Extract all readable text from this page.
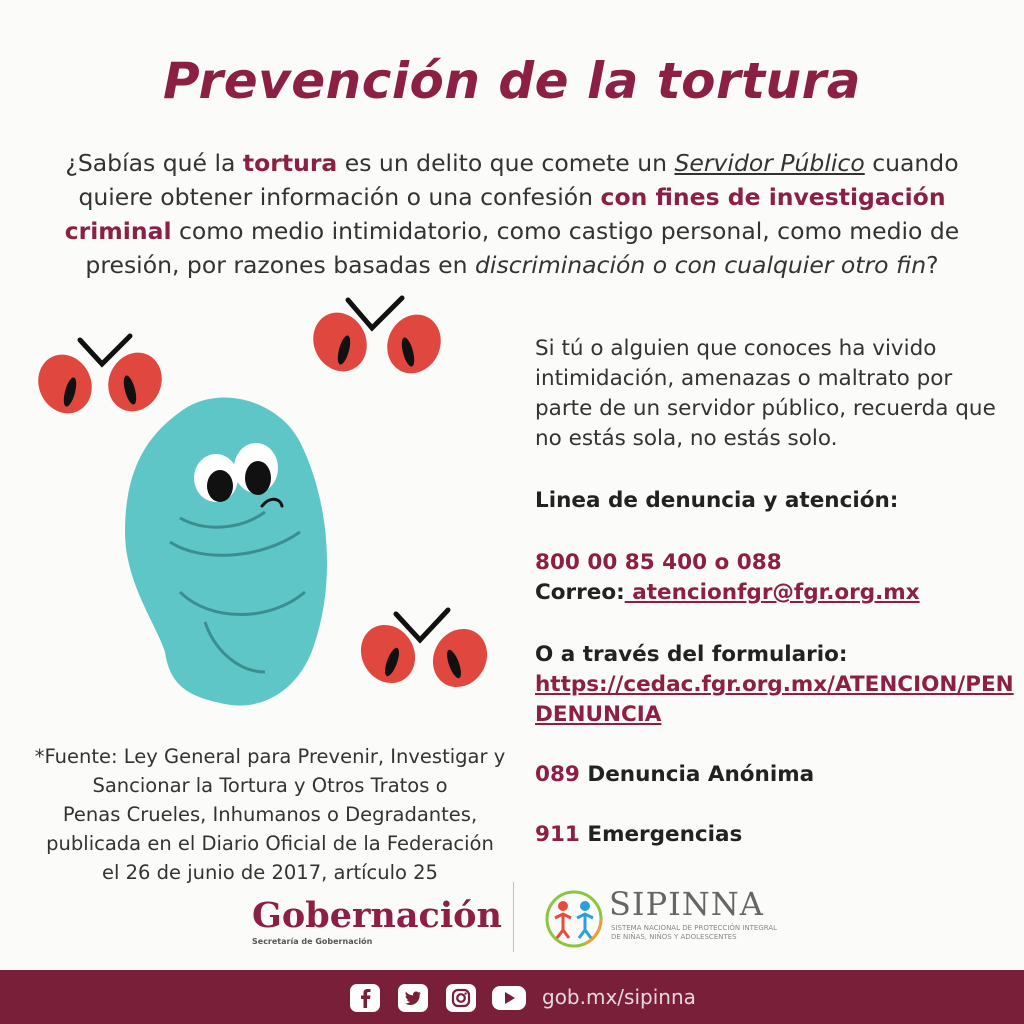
Prevención de la tortura
¿Sabías qué la tortura es un delito que comete un Servidor Público cuando quiere obtener información o una confesión con fines de investigación criminal como medio intimidatorio, como castigo personal, como medio de presión, por razones basadas en discriminación o con cualquier otro fin?
Si tú o alguien que conoces ha vivido intimidación, amenazas o maltrato por parte de un servidor público, recuerda que no estás sola, no estás solo.
Linea de denuncia y atención:
800 00 85 400 o 088
Correo: atencionfgr@fgr.org.mx
O a través del formulario:
https://cedac.fgr.org.mx/ATENCION/PEN
DENUNCIA
089 Denuncia Anónima
911 Emergencias
*Fuente: Ley General para Prevenir, Investigar y
Sancionar la Tortura y Otros Tratos o
Penas Crueles, Inhumanos o Degradantes,
publicada en el Diario Oficial de la Federación
el 26 de junio de 2017, artículo 25
Gobernación
Secretaría de Gobernación
SIPINNA
SISTEMA NACIONAL DE PROTECCIÓN INTEGRAL DE NIÑAS, NIÑOS Y ADOLESCENTES
gob.mx/sipinna
